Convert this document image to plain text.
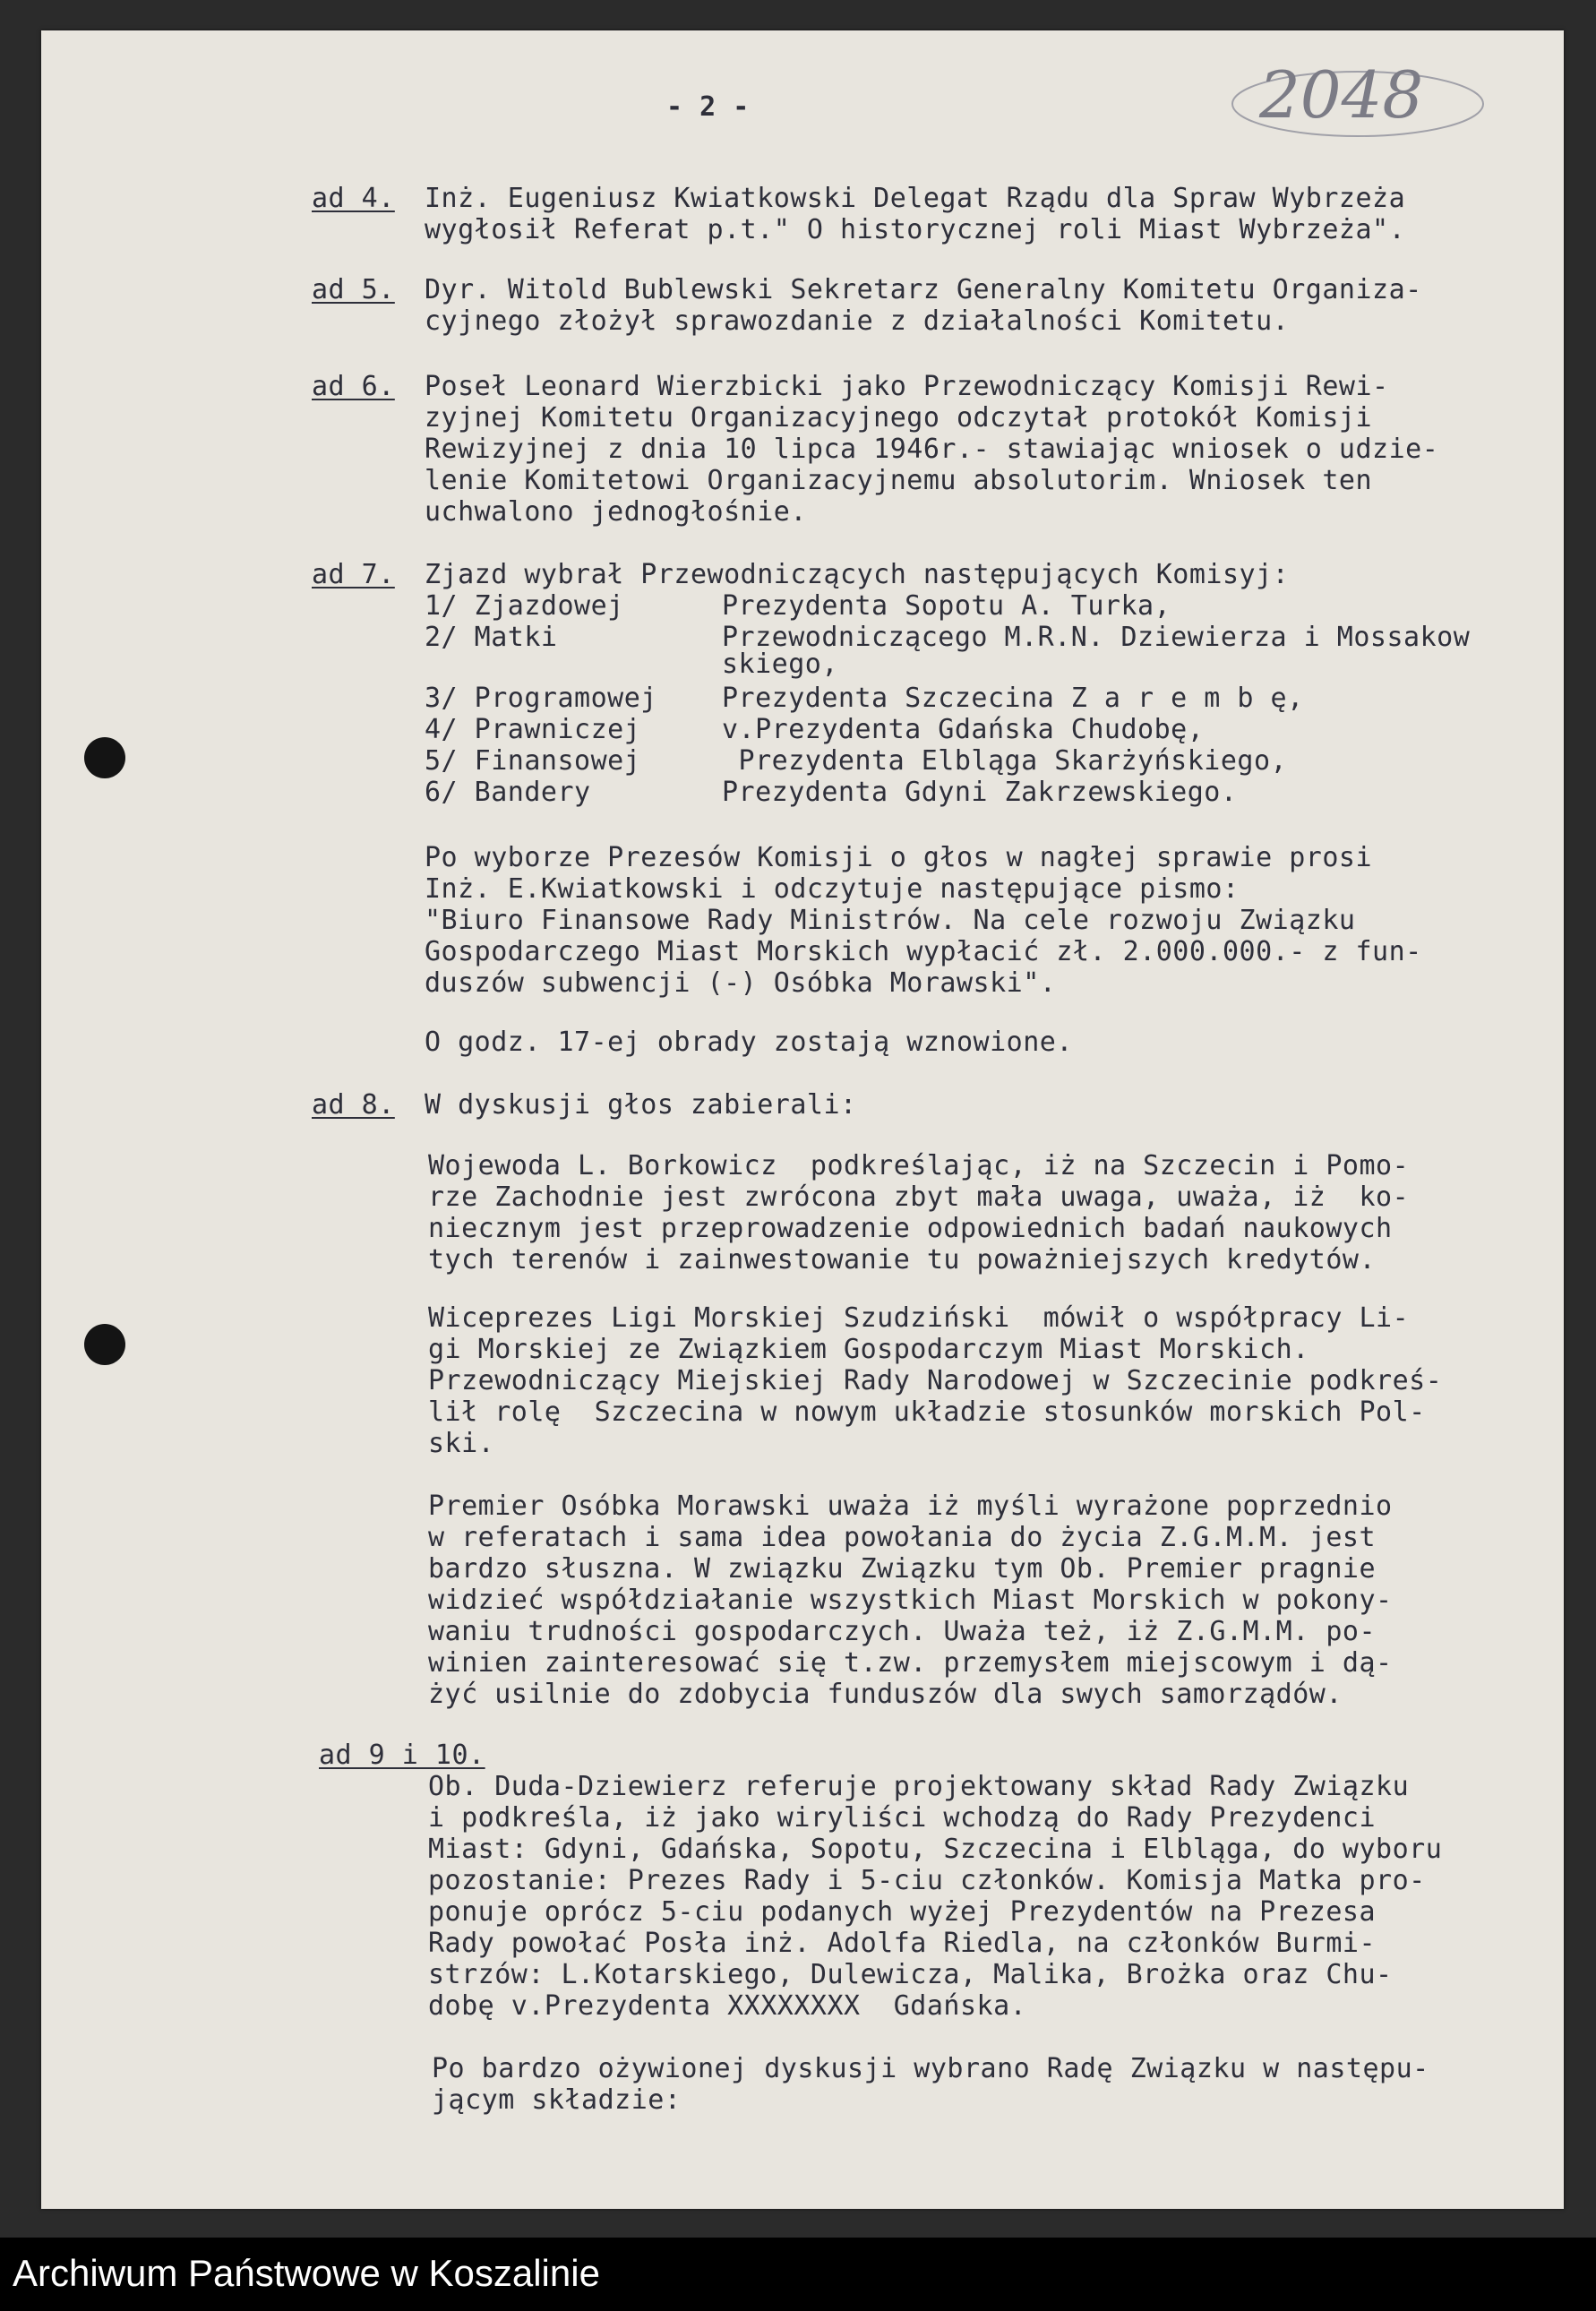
2048
- 2 -
ad 4. Inż. Eugeniusz Kwiatkowski Delegat Rządu dla Spraw Wybrzeża
wygłosił Referat p.t." O historycznej roli Miast Wybrzeża".
ad 5. Dyr. Witold Bublewski Sekretarz Generalny Komitetu Organiza-
cyjnego złożył sprawozdanie z działalności Komitetu.
ad 6. Poseł Leonard Wierzbicki jako Przewodniczący Komisji Rewi-
zyjnej Komitetu Organizacyjnego odczytał protokół Komisji
Rewizyjnej z dnia 10 lipca 1946r.- stawiając wniosek o udzie-
lenie Komitetowi Organizacyjnemu absolutorim. Wniosek ten
uchwalono jednogłośnie.
ad 7. Zjazd wybrał Przewodniczących następujących Komisyj:
1/ Zjazdowej	Prezydenta Sopotu A. Turka,
2/ Matki	Przewodniczącego M.R.N. Dziewierza i Mossakow
skiego,
3/ Programowej Prezydenta Szczecina Z a r e m b ę,
4/ Prawniczej	v.Prezydenta Gdańska Chudobę,
5/ Finansowej	Prezydenta Elbląga Skarżyńskiego,
6/ Bandery	Prezydenta Gdyni Zakrzewskiego.
Po wyborze Prezesów Komisji o głos w nagłej sprawie prosi
Inż. E.Kwiatkowski i odczytuje następujące pismo:
"Biuro Finansowe Rady Ministrów. Na cele rozwoju Związku
Gospodarczego Miast Morskich wypłacić zł. 2.000.000.- z fun-
duszów subwencji (-) Osóbka Morawski".
O godz. 17-ej obrady zostają wznowione.
ad 8. W dyskusji głos zabierali:
Wojewoda L. Borkowicz  podkreślając, iż na Szczecin i Pomo-
rze Zachodnie jest zwrócona zbyt mała uwaga, uważa, iż  ko-
niecznym jest przeprowadzenie odpowiednich badań naukowych
tych terenów i zainwestowanie tu poważniejszych kredytów.
Wiceprezes Ligi Morskiej Szudziński  mówił o współpracy Li-
gi Morskiej ze Związkiem Gospodarczym Miast Morskich.
Przewodniczący Miejskiej Rady Narodowej w Szczecinie podkreś-
lił rolę  Szczecina w nowym układzie stosunków morskich Pol-
ski.
Premier Osóbka Morawski uważa iż myśli wyrażone poprzednio
w referatach i sama idea powołania do życia Z.G.M.M. jest
bardzo słuszna. W związku Związku tym Ob. Premier pragnie
widzieć współdziałanie wszystkich Miast Morskich w pokony-
waniu trudności gospodarczych. Uważa też, iż Z.G.M.M. po-
winien zainteresować się t.zw. przemysłem miejscowym i dą-
żyć usilnie do zdobycia funduszów dla swych samorządów.
ad 9 i 10.
Ob. Duda-Dziewierz referuje projektowany skład Rady Związku
i podkreśla, iż jako wiryliści wchodzą do Rady Prezydenci
Miast: Gdyni, Gdańska, Sopotu, Szczecina i Elbląga, do wyboru
pozostanie: Prezes Rady i 5-ciu członków. Komisja Matka pro-
ponuje oprócz 5-ciu podanych wyżej Prezydentów na Prezesa
Rady powołać Posła inż. Adolfa Riedla, na członków Burmi-
strzów: L.Kotarskiego, Dulewicza, Malika, Brożka oraz Chu-
dobę v.Prezydenta XXXXXXXX  Gdańska.
Po bardzo ożywionej dyskusji wybrano Radę Związku w następu-
jącym składzie:
Archiwum Państwowe w Koszalinie
